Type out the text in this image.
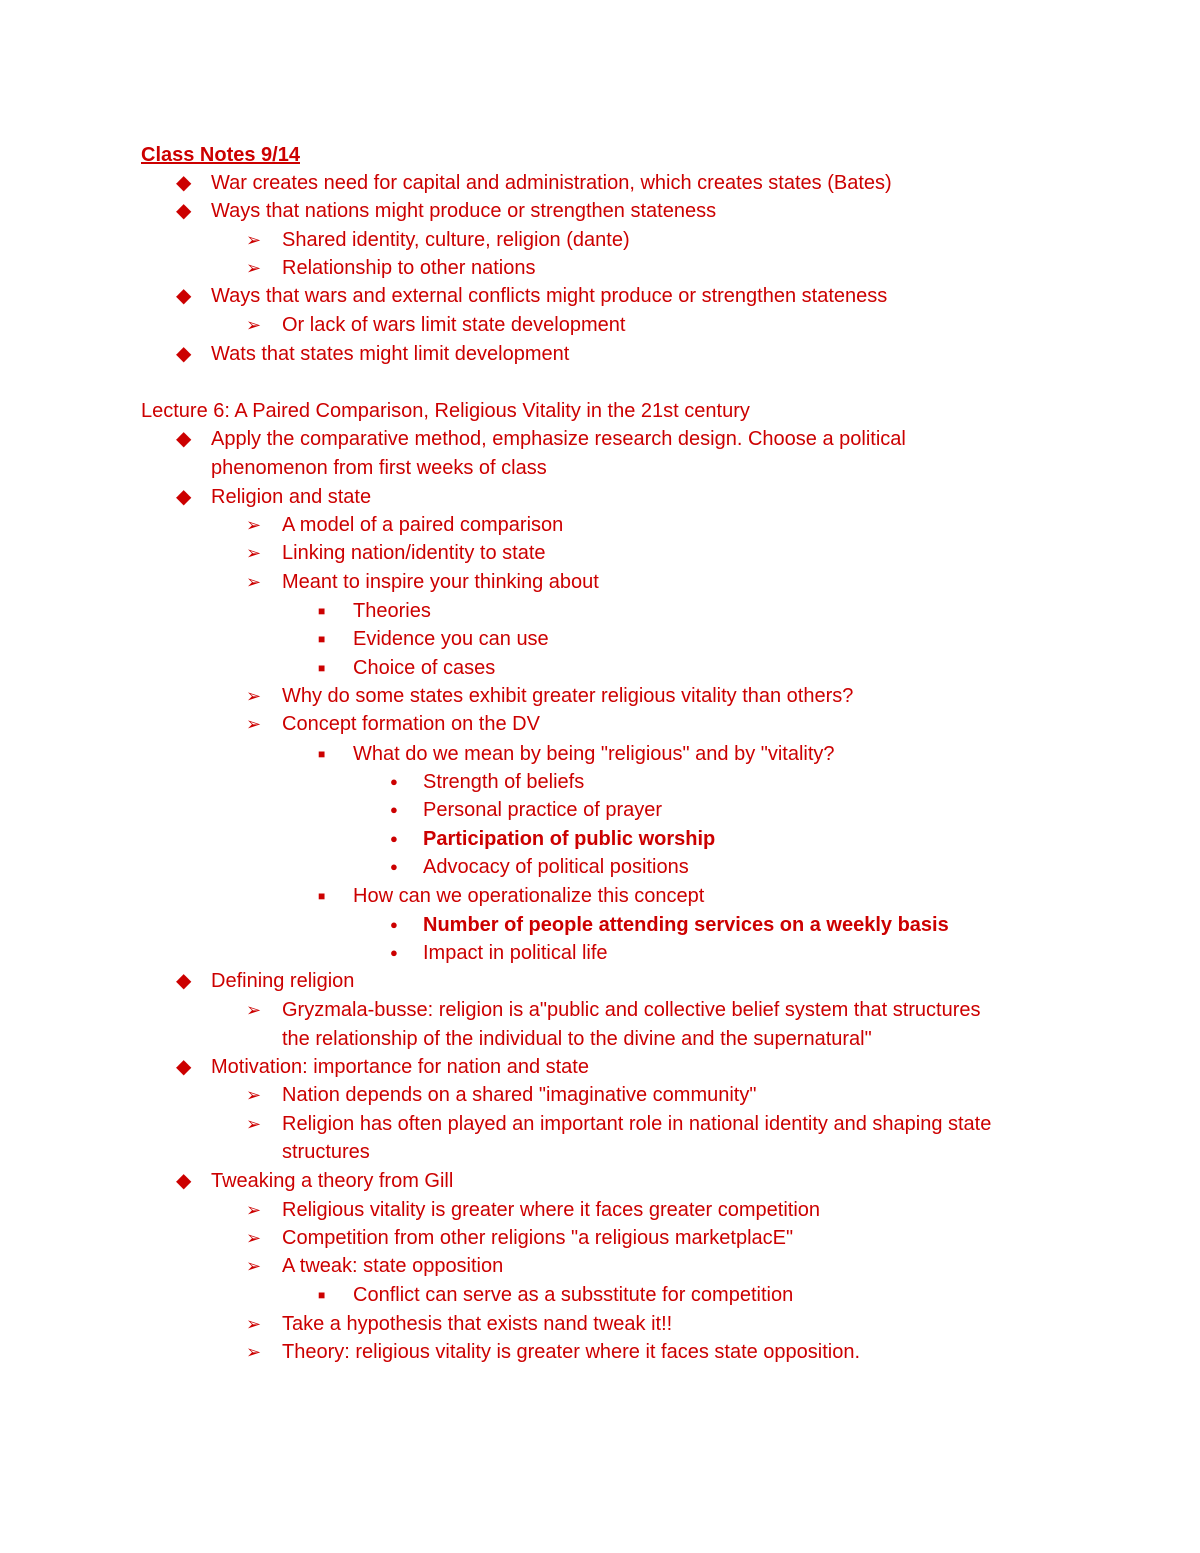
Class Notes 9/14
◆ War creates need for capital and administration, which creates states (Bates)
◆ Ways that nations might produce or strengthen stateness
➢ Shared identity, culture, religion (dante)
➢ Relationship to other nations
◆ Ways that wars and external conflicts might produce or strengthen stateness
➢ Or lack of wars limit state development
◆ Wats that states might limit development
Lecture 6: A Paired Comparison, Religious Vitality in the 21st century
◆ Apply the comparative method, emphasize research design. Choose a political
phenomenon from first weeks of class
◆ Religion and state
➢ A model of a paired comparison
➢ Linking nation/identity to state
➢ Meant to inspire your thinking about
■ Theories
■ Evidence you can use
■ Choice of cases
➢ Why do some states exhibit greater religious vitality than others?
➢ Concept formation on the DV
■ What do we mean by being "religious" and by "vitality?
● Strength of beliefs
● Personal practice of prayer
● Participation of public worship
● Advocacy of political positions
■ How can we operationalize this concept
● Number of people attending services on a weekly basis
● Impact in political life
◆ Defining religion
➢ Gryzmala-busse: religion is a"public and collective belief system that structures
the relationship of the individual to the divine and the supernatural"
◆ Motivation: importance for nation and state
➢ Nation depends on a shared "imaginative community"
➢ Religion has often played an important role in national identity and shaping state
structures
◆ Tweaking a theory from Gill
➢ Religious vitality is greater where it faces greater competition
➢ Competition from other religions "a religious marketplacE"
➢ A tweak: state opposition
■ Conflict can serve as a subsstitute for competition
➢ Take a hypothesis that exists nand tweak it!!
➢ Theory: religious vitality is greater where it faces state opposition.
